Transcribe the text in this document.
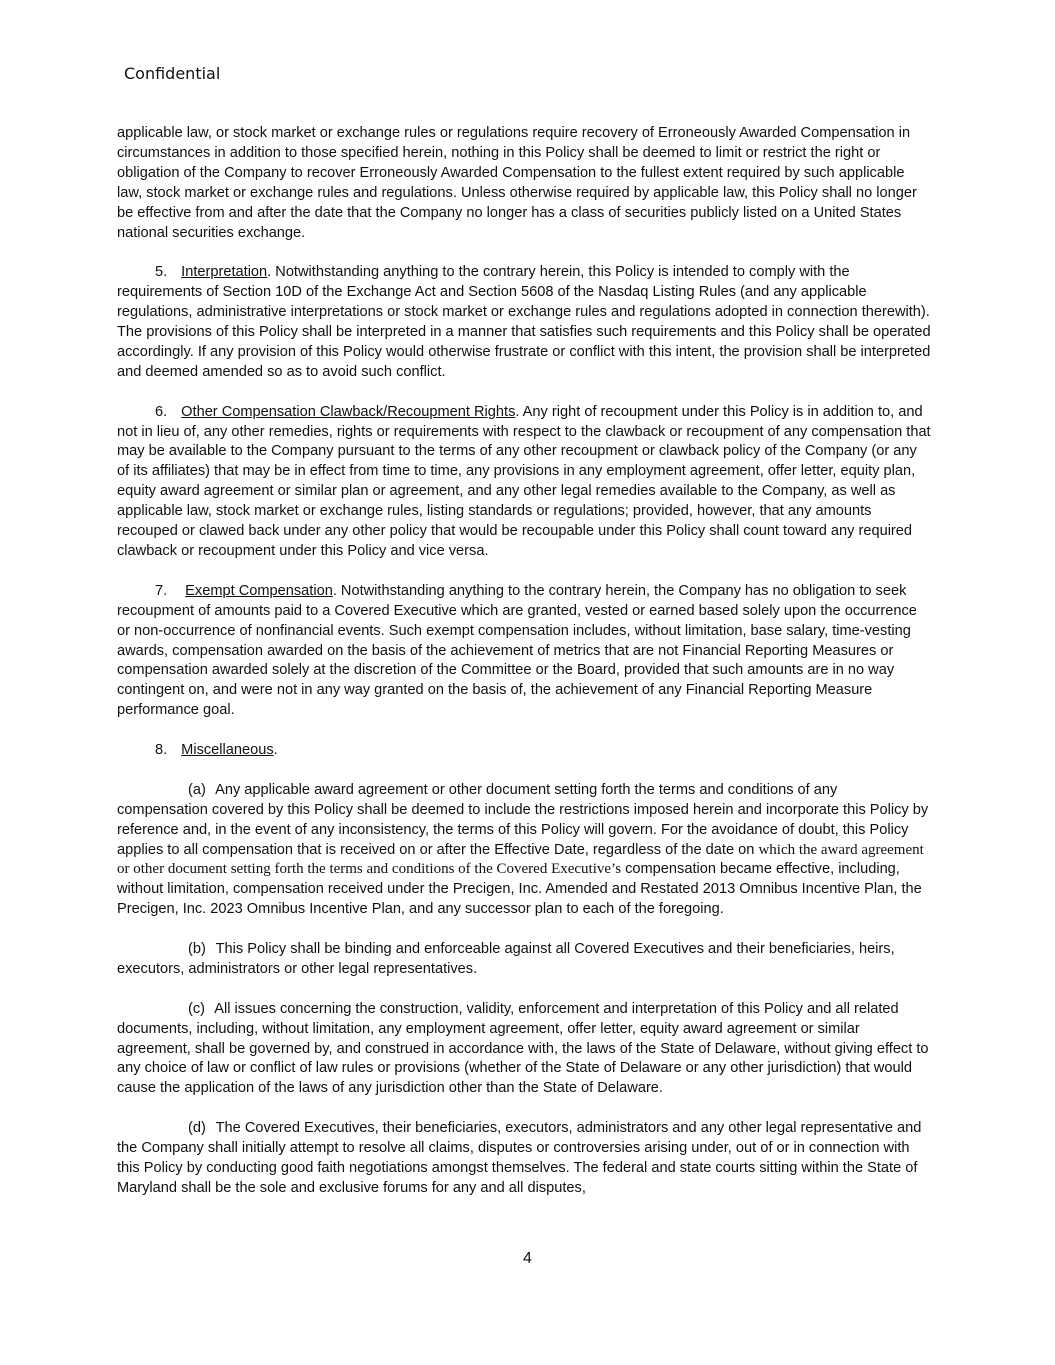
Confidential

applicable law, or stock market or exchange rules or regulations require recovery of Erroneously Awarded Compensation in circumstances in addition to those specified herein, nothing in this Policy shall be deemed to limit or restrict the right or obligation of the Company to recover Erroneously Awarded Compensation to the fullest extent required by such applicable law, stock market or exchange rules and regulations. Unless otherwise required by applicable law, this Policy shall no longer be effective from and after the date that the Company no longer has a class of securities publicly listed on a United States national securities exchange.

5. Interpretation. Notwithstanding anything to the contrary herein, this Policy is intended to comply with the requirements of Section 10D of the Exchange Act and Section 5608 of the Nasdaq Listing Rules (and any applicable regulations, administrative interpretations or stock market or exchange rules and regulations adopted in connection therewith). The provisions of this Policy shall be interpreted in a manner that satisfies such requirements and this Policy shall be operated accordingly. If any provision of this Policy would otherwise frustrate or conflict with this intent, the provision shall be interpreted and deemed amended so as to avoid such conflict.

6. Other Compensation Clawback/Recoupment Rights. Any right of recoupment under this Policy is in addition to, and not in lieu of, any other remedies, rights or requirements with respect to the clawback or recoupment of any compensation that may be available to the Company pursuant to the terms of any other recoupment or clawback policy of the Company (or any of its affiliates) that may be in effect from time to time, any provisions in any employment agreement, offer letter, equity plan, equity award agreement or similar plan or agreement, and any other legal remedies available to the Company, as well as applicable law, stock market or exchange rules, listing standards or regulations; provided, however, that any amounts recouped or clawed back under any other policy that would be recoupable under this Policy shall count toward any required clawback or recoupment under this Policy and vice versa.

7. Exempt Compensation. Notwithstanding anything to the contrary herein, the Company has no obligation to seek recoupment of amounts paid to a Covered Executive which are granted, vested or earned based solely upon the occurrence or non-occurrence of nonfinancial events. Such exempt compensation includes, without limitation, base salary, time-vesting awards, compensation awarded on the basis of the achievement of metrics that are not Financial Reporting Measures or compensation awarded solely at the discretion of the Committee or the Board, provided that such amounts are in no way contingent on, and were not in any way granted on the basis of, the achievement of any Financial Reporting Measure performance goal.

8. Miscellaneous.

(a) Any applicable award agreement or other document setting forth the terms and conditions of any compensation covered by this Policy shall be deemed to include the restrictions imposed herein and incorporate this Policy by reference and, in the event of any inconsistency, the terms of this Policy will govern. For the avoidance of doubt, this Policy applies to all compensation that is received on or after the Effective Date, regardless of the date on which the award agreement or other document setting forth the terms and conditions of the Covered Executive’s compensation became effective, including, without limitation, compensation received under the Precigen, Inc. Amended and Restated 2013 Omnibus Incentive Plan, the Precigen, Inc. 2023 Omnibus Incentive Plan, and any successor plan to each of the foregoing.

(b) This Policy shall be binding and enforceable against all Covered Executives and their beneficiaries, heirs, executors, administrators or other legal representatives.

(c) All issues concerning the construction, validity, enforcement and interpretation of this Policy and all related documents, including, without limitation, any employment agreement, offer letter, equity award agreement or similar agreement, shall be governed by, and construed in accordance with, the laws of the State of Delaware, without giving effect to any choice of law or conflict of law rules or provisions (whether of the State of Delaware or any other jurisdiction) that would cause the application of the laws of any jurisdiction other than the State of Delaware.

(d) The Covered Executives, their beneficiaries, executors, administrators and any other legal representative and the Company shall initially attempt to resolve all claims, disputes or controversies arising under, out of or in connection with this Policy by conducting good faith negotiations amongst themselves. The federal and state courts sitting within the State of Maryland shall be the sole and exclusive forums for any and all disputes,

4
